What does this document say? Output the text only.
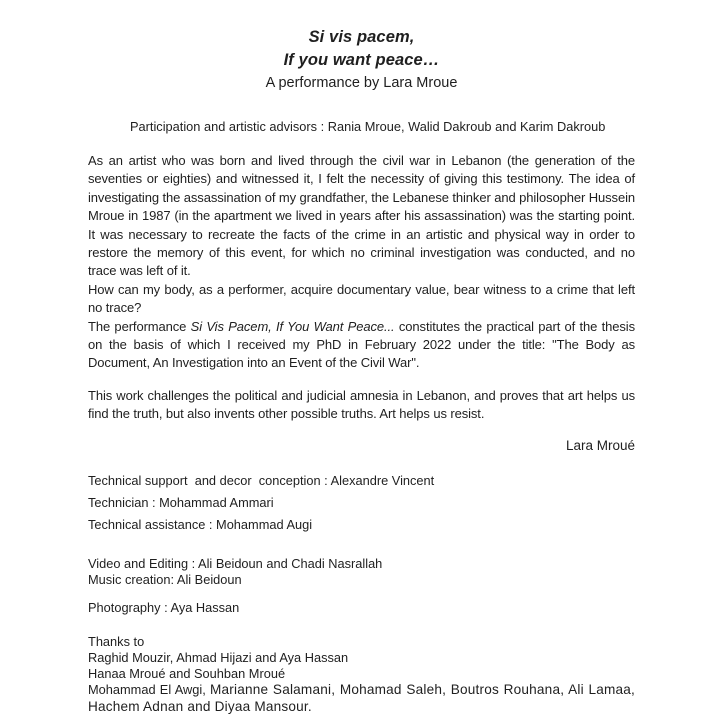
Si vis pacem,
If you want peace…
A performance by Lara Mroue

Participation and artistic advisors : Rania Mroue, Walid Dakroub and Karim Dakroub

As an artist who was born and lived through the civil war in Lebanon (the generation of the seventies or eighties) and witnessed it, I felt the necessity of giving this testimony. The idea of investigating the assassination of my grandfather, the Lebanese thinker and philosopher Hussein Mroue in 1987 (in the apartment we lived in years after his assassination) was the starting point. It was necessary to recreate the facts of the crime in an artistic and physical way in order to restore the memory of this event, for which no criminal investigation was conducted, and no trace was left of it.

How can my body, as a performer, acquire documentary value, bear witness to a crime that left no trace?

The performance Si Vis Pacem, If You Want Peace... constitutes the practical part of the thesis on the basis of which I received my PhD in February 2022 under the title: "The Body as Document, An Investigation into an Event of the Civil War".

This work challenges the political and judicial amnesia in Lebanon, and proves that art helps us find the truth, but also invents other possible truths. Art helps us resist.

Lara Mroué

Technical support  and decor  conception : Alexandre Vincent

Technician : Mohammad Ammari

Technical assistance : Mohammad Augi

Video and Editing : Ali Beidoun and Chadi Nasrallah

Music creation: Ali Beidoun

Photography : Aya Hassan

Thanks to

Raghid Mouzir, Ahmad Hijazi and Aya Hassan

Hanaa Mroué and Souhban Mroué

Mohammad El Awgi, Marianne Salamani, Mohamad Saleh, Boutros Rouhana, Ali Lamaa, Hachem Adnan and Diyaa Mansour.
